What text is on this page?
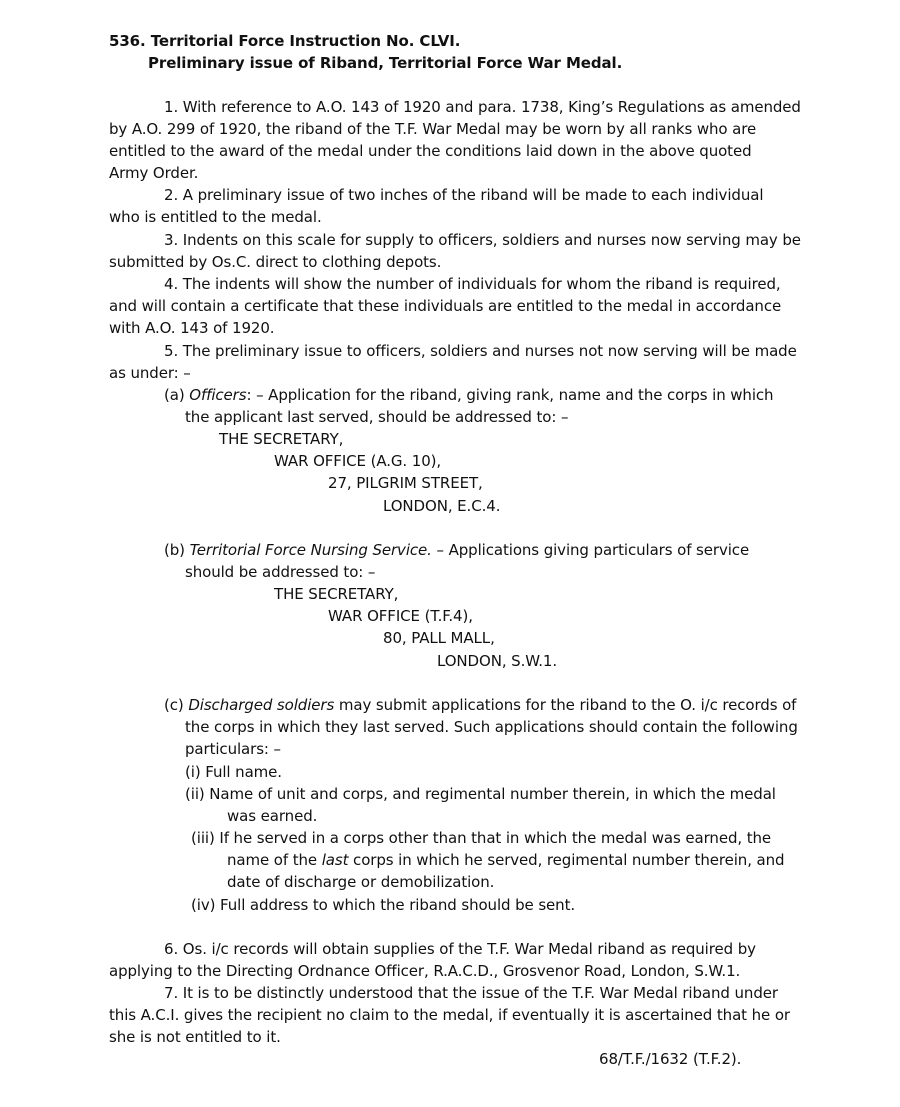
536. Territorial Force Instruction No. CLVI.
Preliminary issue of Riband, Territorial Force War Medal.
1. With reference to A.O. 143 of 1920 and para. 1738, King’s Regulations as amended
by A.O. 299 of 1920, the riband of the T.F. War Medal may be worn by all ranks who are
entitled to the award of the medal under the conditions laid down in the above quoted
Army Order.
2. A preliminary issue of two inches of the riband will be made to each individual
who is entitled to the medal.
3. Indents on this scale for supply to officers, soldiers and nurses now serving may be
submitted by Os.C. direct to clothing depots.
4. The indents will show the number of individuals for whom the riband is required,
and will contain a certificate that these individuals are entitled to the medal in accordance
with A.O. 143 of 1920.
5. The preliminary issue to officers, soldiers and nurses not now serving will be made
as under: –
(a) Officers: – Application for the riband, giving rank, name and the corps in which
the applicant last served, should be addressed to: –
THE SECRETARY,
WAR OFFICE (A.G. 10),
27, PILGRIM STREET,
LONDON, E.C.4.
(b) Territorial Force Nursing Service. – Applications giving particulars of service
should be addressed to: –
THE SECRETARY,
WAR OFFICE (T.F.4),
80, PALL MALL,
LONDON, S.W.1.
(c) Discharged soldiers may submit applications for the riband to the O. i/c records of
the corps in which they last served. Such applications should contain the following
particulars: –
(i) Full name.
(ii) Name of unit and corps, and regimental number therein, in which the medal
was earned.
(iii) If he served in a corps other than that in which the medal was earned, the
name of the last corps in which he served, regimental number therein, and
date of discharge or demobilization.
(iv) Full address to which the riband should be sent.
6. Os. i/c records will obtain supplies of the T.F. War Medal riband as required by
applying to the Directing Ordnance Officer, R.A.C.D., Grosvenor Road, London, S.W.1.
7. It is to be distinctly understood that the issue of the T.F. War Medal riband under
this A.C.I. gives the recipient no claim to the medal, if eventually it is ascertained that he or
she is not entitled to it.
68/T.F./1632 (T.F.2).
